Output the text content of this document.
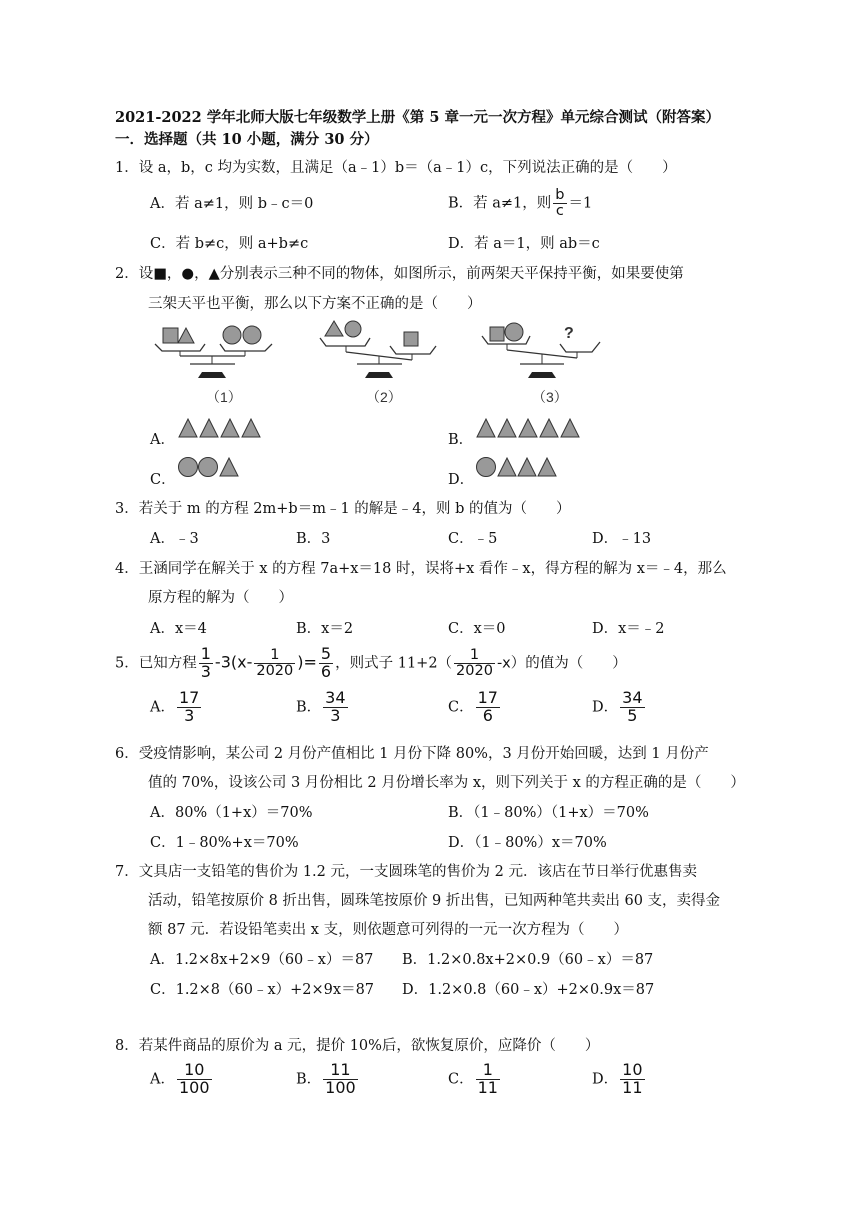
2021-2022 学年北师大版七年级数学上册《第 5 章一元一次方程》单元综合测试（附答案）
一．选择题（共 10 小题，满分 30 分）
1．设 a，b，c 均为实数，且满足（a﹣1）b＝（a﹣1）c，下列说法正确的是（　　）
A．若 a≠1，则 b﹣c＝0	B．若 a≠1，则 $\frac{b}{c} =1$
C．若 b≠c，则 a+b≠c	D．若 a＝1，则 ab＝c
2．设■，●，▲分别表示三种不同的物体，如图所示，前两架天平保持平衡，如果要使第
三架天平也平衡，那么以下方案不正确的是（　　）
?
（1）	（2）	（3）
A．	B．
C．	D．
3．若关于 m 的方程 2m+b＝m﹣1 的解是﹣4，则 b 的值为（　　）
A．﹣3	B．3	C．﹣5	D．﹣13
4．王涵同学在解关于 x 的方程 7a+x＝18 时，误将+x 看作﹣x，得方程的解为 x＝﹣4，那么
原方程的解为（　　）
A．x＝4	B．x＝2	C．x＝0	D．x＝﹣2
5．已知方程 $\frac{1}{3} -3(x- \frac{1}{2020}$ )= $\frac{5}{6}$ ，则式子 $11+2( \frac{1}{2020} -x)$的值为（　　）
A． $\frac{17}{3}$	B． $\frac{34}{3}$	C． $\frac{17}{6}$	D． $\frac{34}{5}$
6．受疫情影响，某公司 2 月份产值相比 1 月份下降 80%，3 月份开始回暖，达到 1 月份产
值的 70%，设该公司 3 月份相比 2 月份增长率为 x，则下列关于 x 的方程正确的是（　　）
A．80%（1+x）＝70%	B．（1﹣80%）（1+x）＝70%
C．1﹣80%+x＝70%	D．（1﹣80%）x＝70%
7．文具店一支铅笔的售价为 1.2 元，一支圆珠笔的售价为 2 元．该店在节日举行优惠售卖
活动，铅笔按原价 8 折出售，圆珠笔按原价 9 折出售，已知两种笔共卖出 60 支，卖得金
额 87 元．若设铅笔卖出 x 支，则依题意可列得的一元一次方程为（　　）
A．1.2×8x+2×9（60﹣x）＝87 B．1.2×0.8x+2×0.9（60﹣x）＝87
C．1.2×8（60﹣x）+2×9x＝87 D．1.2×0.8（60﹣x）+2×0.9x＝87
8．若某件商品的原价为 a 元，提价 10%后，欲恢复原价，应降价（　　）
A． $\frac{10}{100}$	B． $\frac{11}{100}$	C． $\frac{1}{11}$	D． $\frac{10}{11}$
